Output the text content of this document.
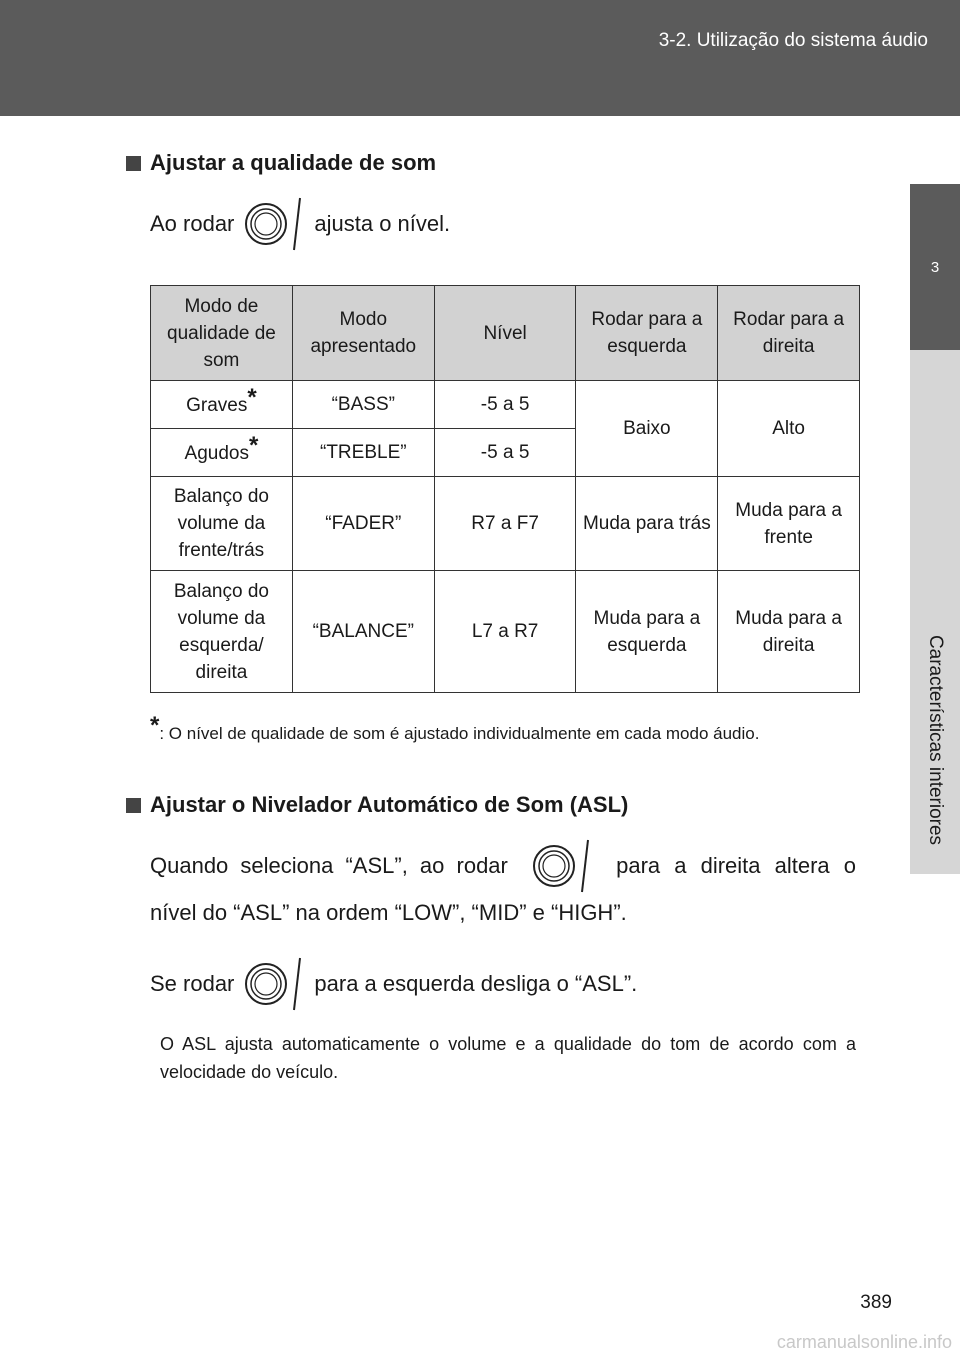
3-2. Utilização do sistema áudio
3
Características interiores
Ajustar a qualidade de som
Ao rodar	ajusta o nível.
Modo de qualidade de som	Modo apresentado	Nível	Rodar para a esquerda	Rodar para a direita
Graves*	“BASS”	-5 a 5	Baixo	Alto
Agudos*	“TREBLE”	-5 a 5		
Balanço do volume da frente/trás	“FADER”	R7 a F7	Muda para trás	Muda para a frente
Balanço do volume da esquerda/ direita	“BALANCE”	L7 a R7	Muda para a esquerda	Muda para a direita
*: O nível de qualidade de som é ajustado individualmente em cada modo áudio.
Ajustar o Nivelador Automático de Som (ASL)
Quando seleciona “ASL”, ao rodar	para a direita altera o
nível do “ASL” na ordem “LOW”, “MID” e “HIGH”.
Se rodar	para a esquerda desliga o “ASL”.
O ASL ajusta automaticamente o volume e a qualidade do tom de acordo com a velocidade do veículo.
389
carmanualsonline.info
